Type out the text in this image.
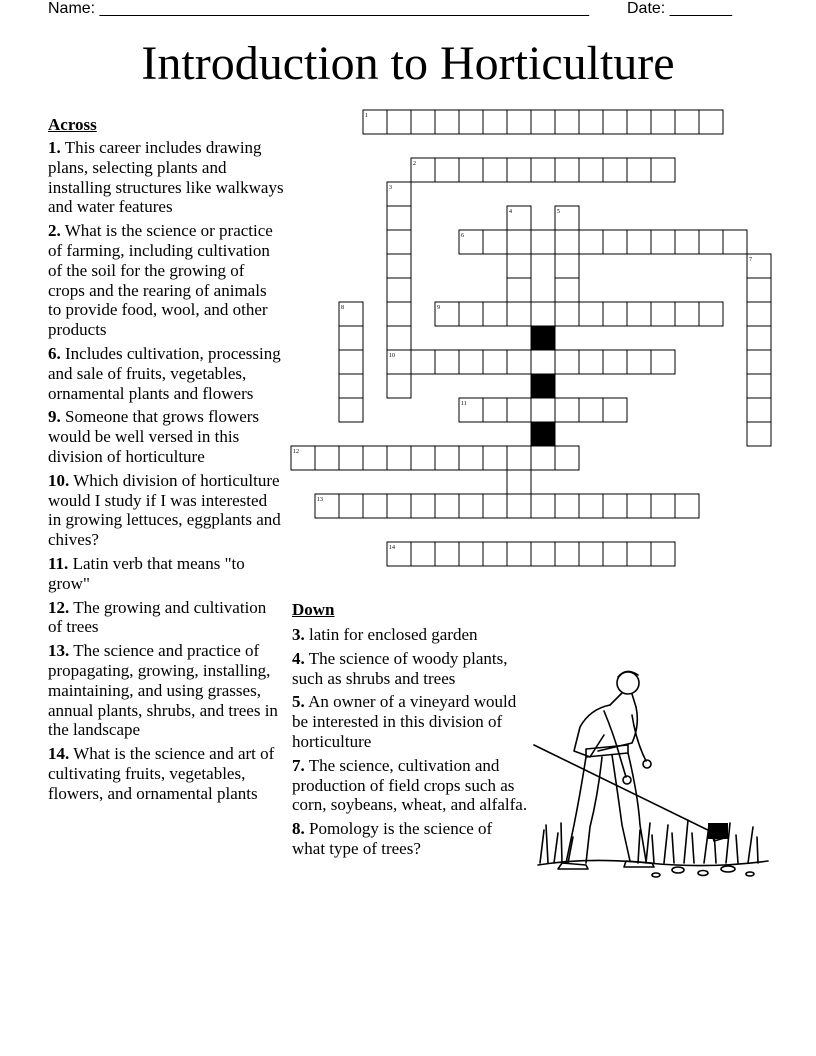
Name: _______________________________________________________ Date: _______
Introduction to Horticulture
Across

1. This career includes drawing plans, selecting plants and installing structures like walkways and water features

2. What is the science or practice of farming, including cultivation of the soil for the growing of crops and the rearing of animals to provide food, wool, and other products

6. Includes cultivation, processing and sale of fruits, vegetables, ornamental plants and flowers

9. Someone that grows flowers would be well versed in this division of horticulture

10. Which division of horticulture would I study if I was interested in growing lettuces, eggplants and chives?

11. Latin verb that means "to grow"

12. The growing and cultivation of trees

13. The science and practice of propagating, growing, installing, maintaining, and using grasses, annual plants, shrubs, and trees in the landscape

14. What is the science and art of cultivating fruits, vegetables, flowers, and ornamental plants

Down

3. latin for enclosed garden

4. The science of woody plants, such as shrubs and trees

5. An owner of a vineyard would be interested in this division of horticulture

7. The science, cultivation and production of field crops such as corn, soybeans, wheat, and alfalfa.

8. Pomology is the science of what type of trees?

1
2
3
4	5
6
7
8	9
10
11
12
13
14
